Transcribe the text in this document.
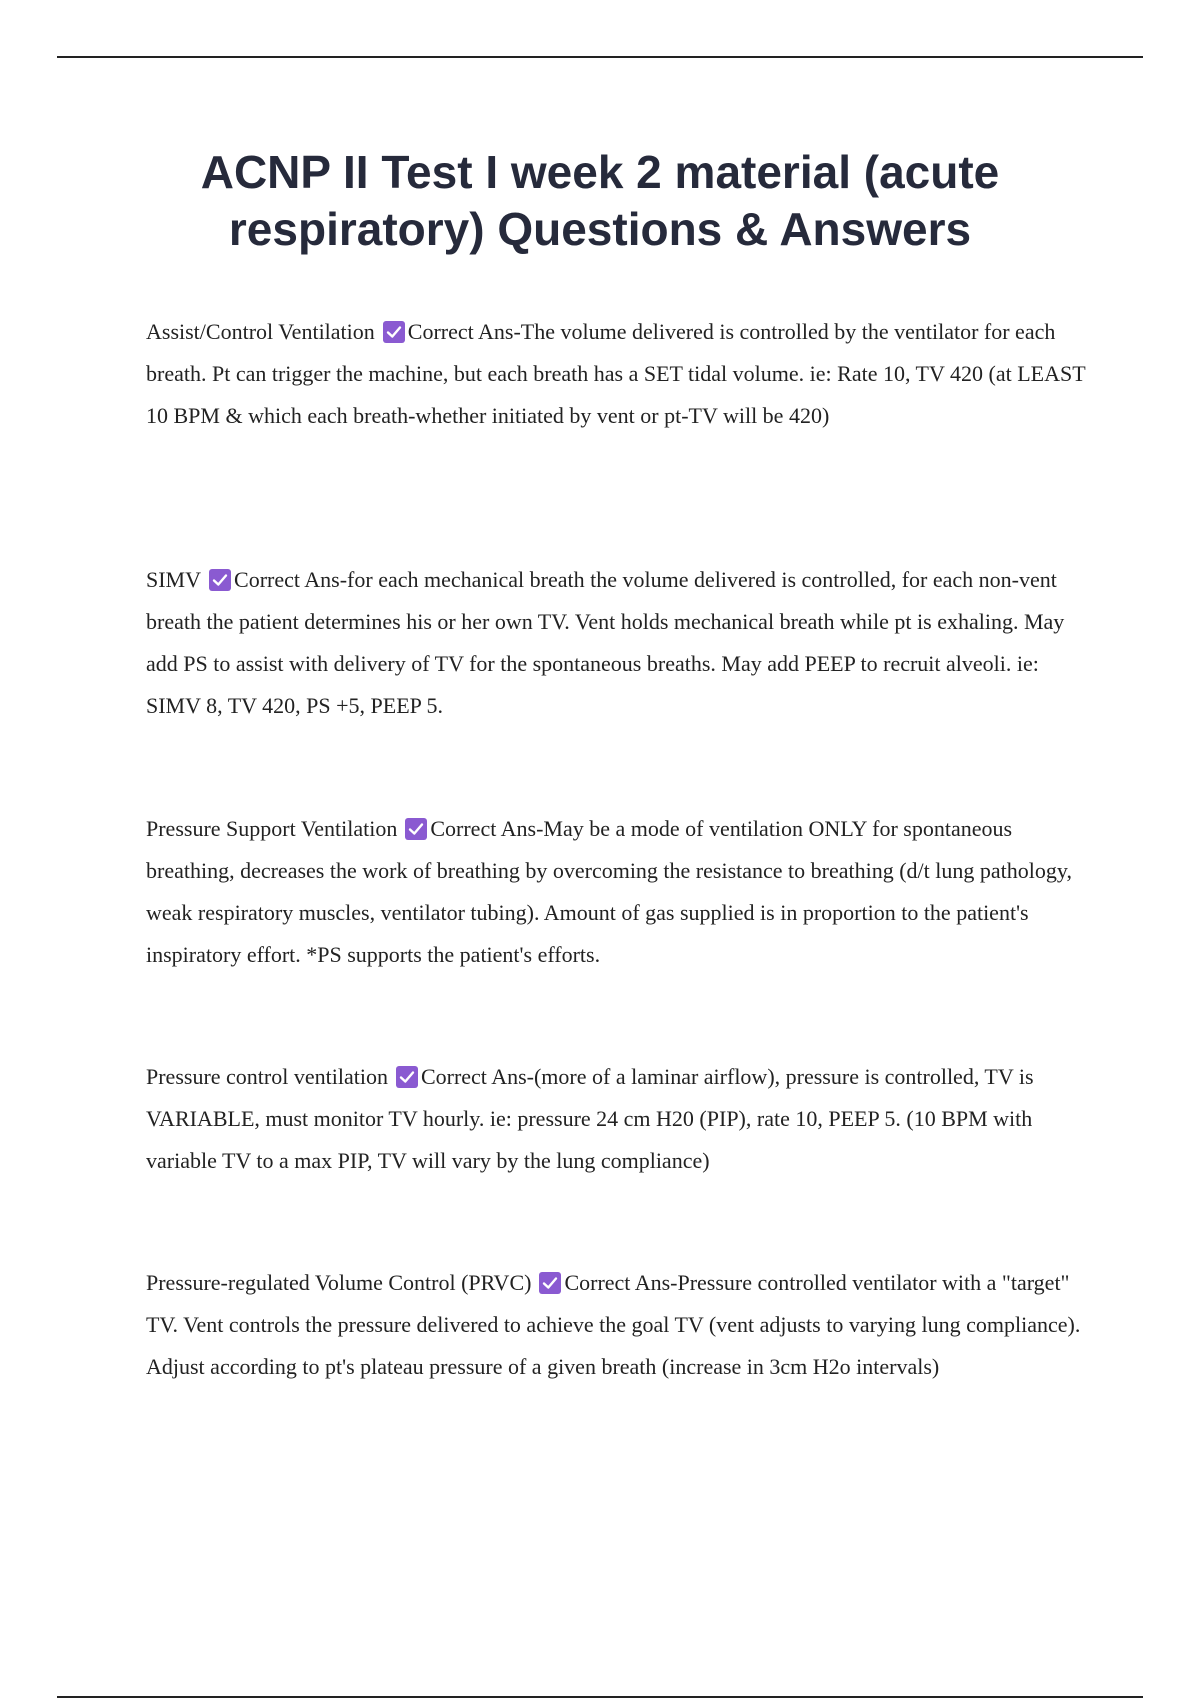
ACNP II Test I week 2 material (acute respiratory) Questions & Answers

Assist/Control Ventilation Correct Ans-The volume delivered is controlled by the ventilator for each breath. Pt can trigger the machine, but each breath has a SET tidal volume. ie: Rate 10, TV 420 (at LEAST 10 BPM & which each breath-whether initiated by vent or pt-TV will be 420)

SIMV Correct Ans-for each mechanical breath the volume delivered is controlled, for each non-vent breath the patient determines his or her own TV. Vent holds mechanical breath while pt is exhaling. May add PS to assist with delivery of TV for the spontaneous breaths. May add PEEP to recruit alveoli. ie: SIMV 8, TV 420, PS +5, PEEP 5.

Pressure Support Ventilation Correct Ans-May be a mode of ventilation ONLY for spontaneous breathing, decreases the work of breathing by overcoming the resistance to breathing (d/t lung pathology, weak respiratory muscles, ventilator tubing). Amount of gas supplied is in proportion to the patient's inspiratory effort. *PS supports the patient's efforts.

Pressure control ventilation Correct Ans-(more of a laminar airflow), pressure is controlled, TV is VARIABLE, must monitor TV hourly. ie: pressure 24 cm H20 (PIP), rate 10, PEEP 5. (10 BPM with variable TV to a max PIP, TV will vary by the lung compliance)

Pressure-regulated Volume Control (PRVC) Correct Ans-Pressure controlled ventilator with a "target" TV. Vent controls the pressure delivered to achieve the goal TV (vent adjusts to varying lung compliance). Adjust according to pt's plateau pressure of a given breath (increase in 3cm H2o intervals)
